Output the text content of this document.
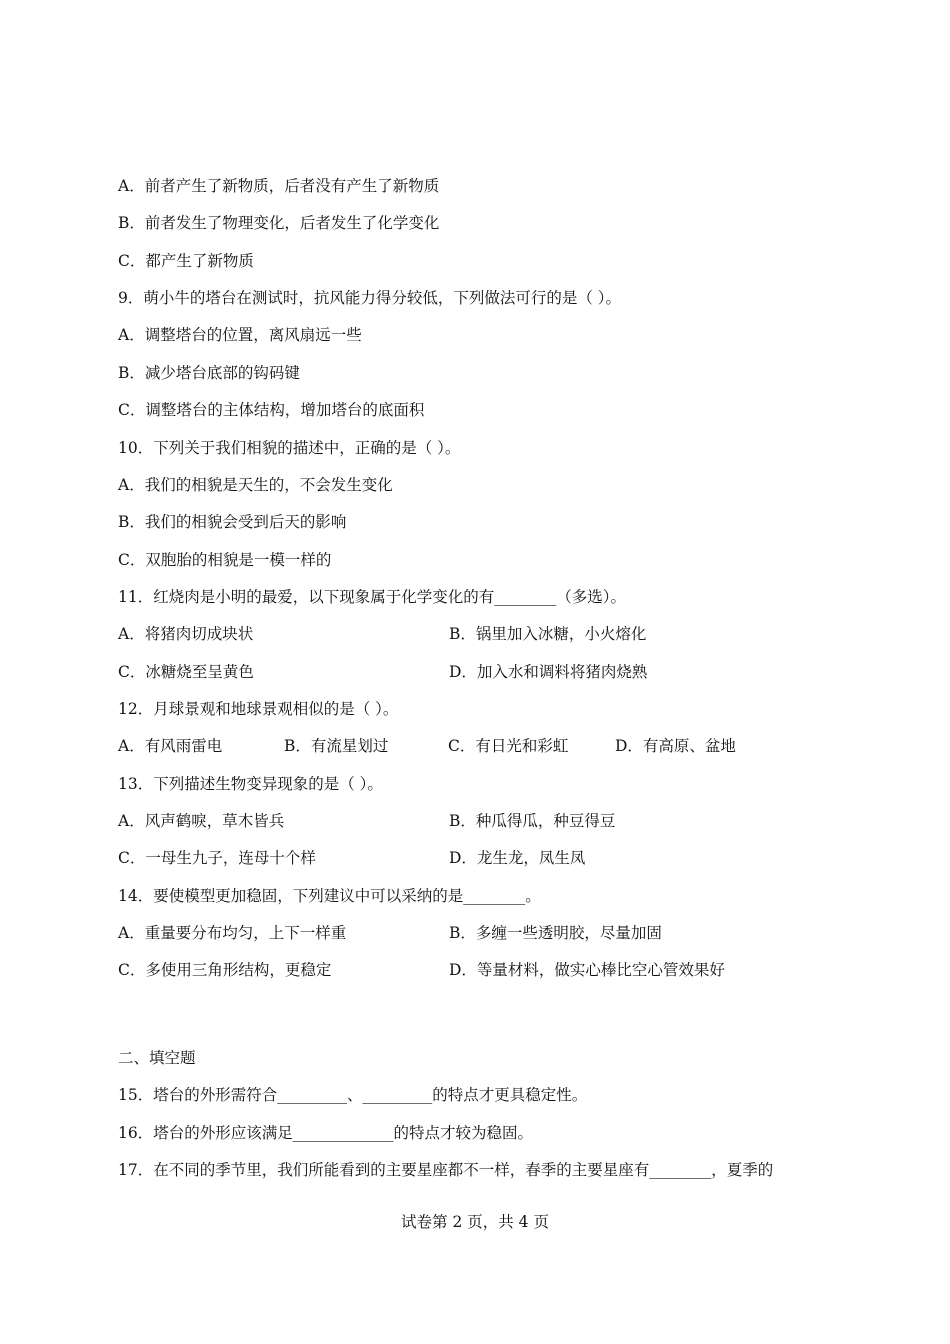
A．前者产生了新物质，后者没有产生了新物质
B．前者发生了物理变化，后者发生了化学变化
C．都产生了新物质
9．萌小牛的塔台在测试时，抗风能力得分较低，下列做法可行的是（ ）。
A．调整塔台的位置，离风扇远一些
B．减少塔台底部的钩码键
C．调整塔台的主体结构，增加塔台的底面积
10．下列关于我们相貌的描述中，正确的是（ ）。
A．我们的相貌是天生的，不会发生变化
B．我们的相貌会受到后天的影响
C．双胞胎的相貌是一模一样的
11．红烧肉是小明的最爱，以下现象属于化学变化的有________（多选）。
A．将猪肉切成块状	B．锅里加入冰糖，小火熔化
C．冰糖烧至呈黄色	D．加入水和调料将猪肉烧熟
12．月球景观和地球景观相似的是（ ）。
A．有风雨雷电	B．有流星划过	C．有日光和彩虹	D．有高原、盆地
13．下列描述生物变异现象的是（ ）。
A．风声鹤唳，草木皆兵	B．种瓜得瓜，种豆得豆
C．一母生九子，连母十个样	D．龙生龙，凤生凤
14．要使模型更加稳固，下列建议中可以采纳的是________。
A．重量要分布均匀，上下一样重	B．多缠一些透明胶，尽量加固
C．多使用三角形结构，更稳定	D．等量材料，做实心棒比空心管效果好
二、填空题
15．塔台的外形需符合_________、_________的特点才更具稳定性。
16．塔台的外形应该满足_____________的特点才较为稳固。
17．在不同的季节里，我们所能看到的主要星座都不一样，春季的主要星座有________，夏季的
试卷第 2 页，共 4 页
